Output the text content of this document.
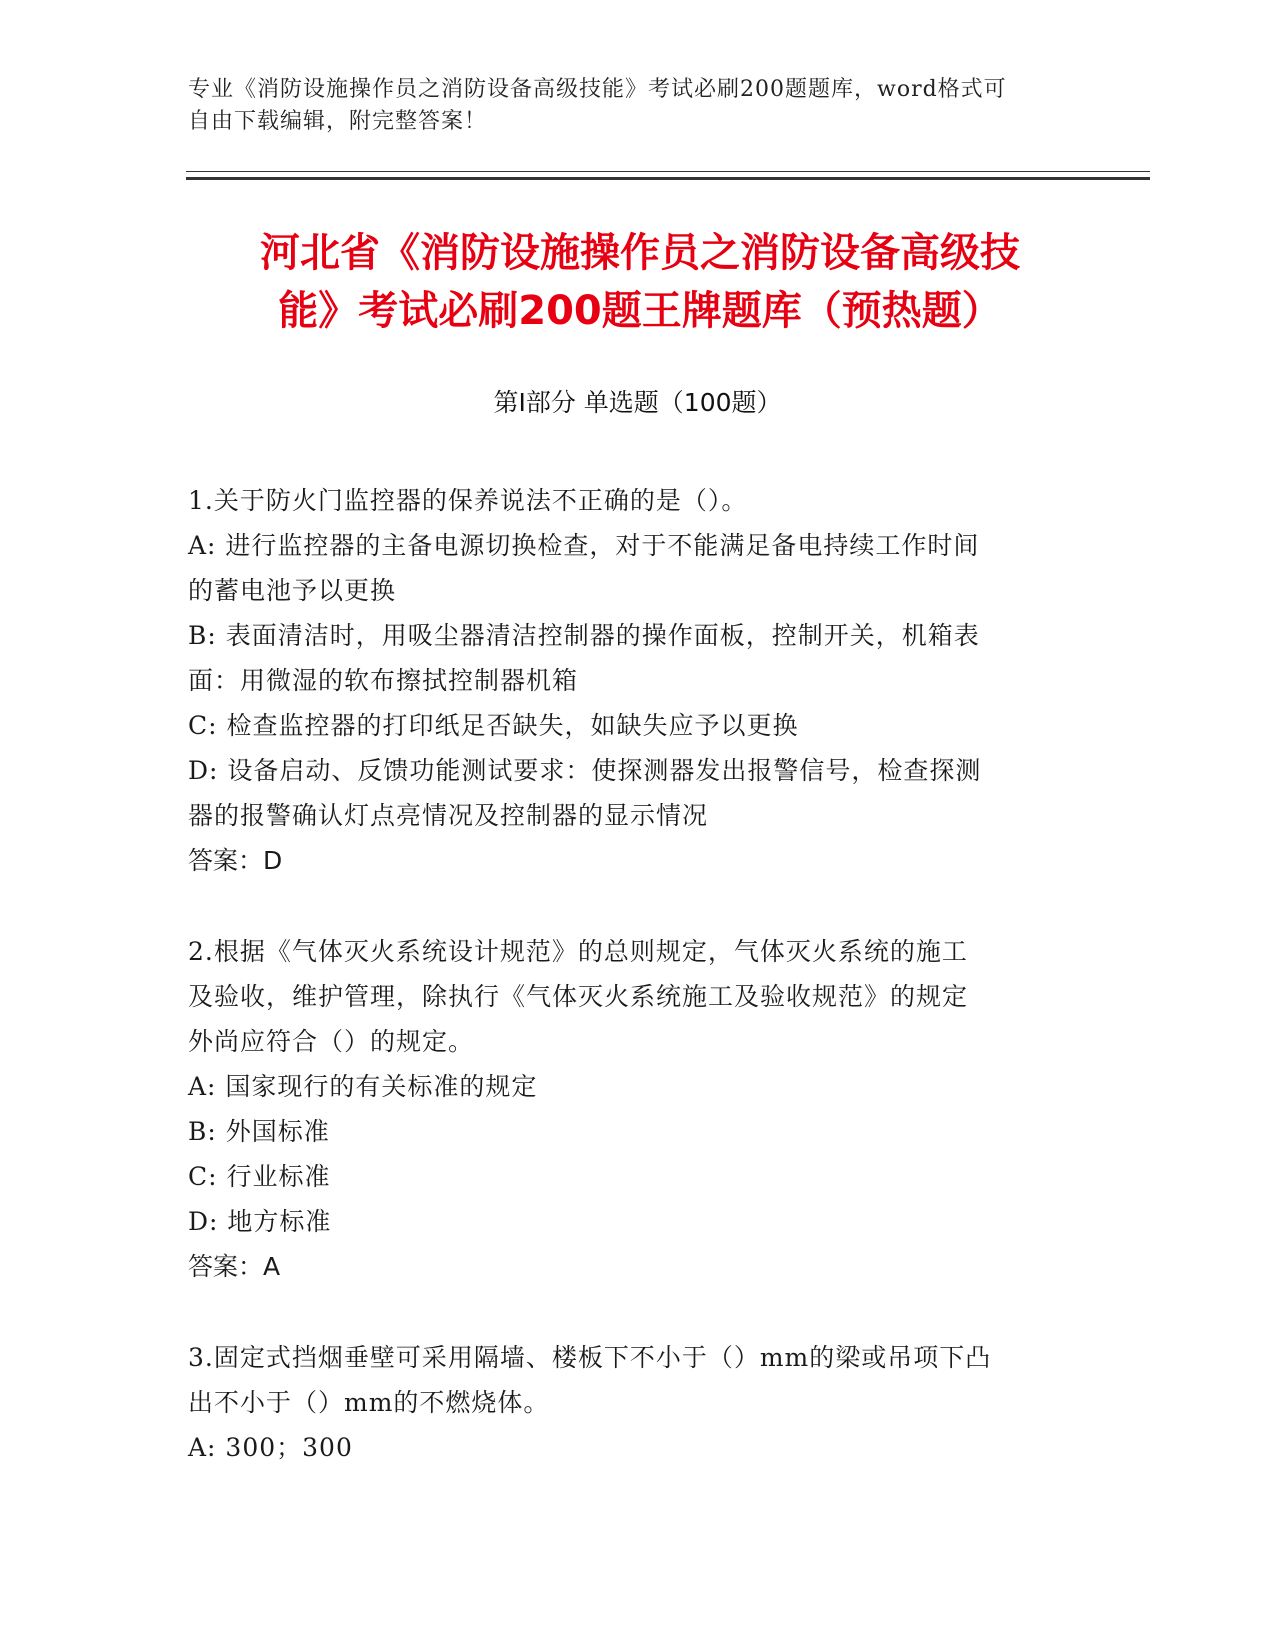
专业《消防设施操作员之消防设备高级技能》考试必刷200题题库，word格式可

自由下载编辑，附完整答案！

河北省《消防设施操作员之消防设备高级技
能》考试必刷200题王牌题库（预热题）
第I部分 单选题（100题）

1.关于防火门监控器的保养说法不正确的是（）。

A: 进行监控器的主备电源切换检查，对于不能满足备电持续工作时间

的蓄电池予以更换

B: 表面清洁时，用吸尘器清洁控制器的操作面板，控制开关，机箱表

面：用微湿的软布擦拭控制器机箱

C: 检查监控器的打印纸足否缺失，如缺失应予以更换

D: 设备启动、反馈功能测试要求：使探测器发出报警信号，检查探测

器的报警确认灯点亮情况及控制器的显示情况

答案：D

2.根据《气体灭火系统设计规范》的总则规定，气体灭火系统的施工

及验收，维护管理，除执行《气体灭火系统施工及验收规范》的规定

外尚应符合（）的规定。

A: 国家现行的有关标准的规定

B: 外国标准

C: 行业标准

D: 地方标准

答案：A

3.固定式挡烟垂壁可采用隔墙、楼板下不小于（）mm的梁或吊项下凸

出不小于（）mm的不燃烧体。

A: 300；300
